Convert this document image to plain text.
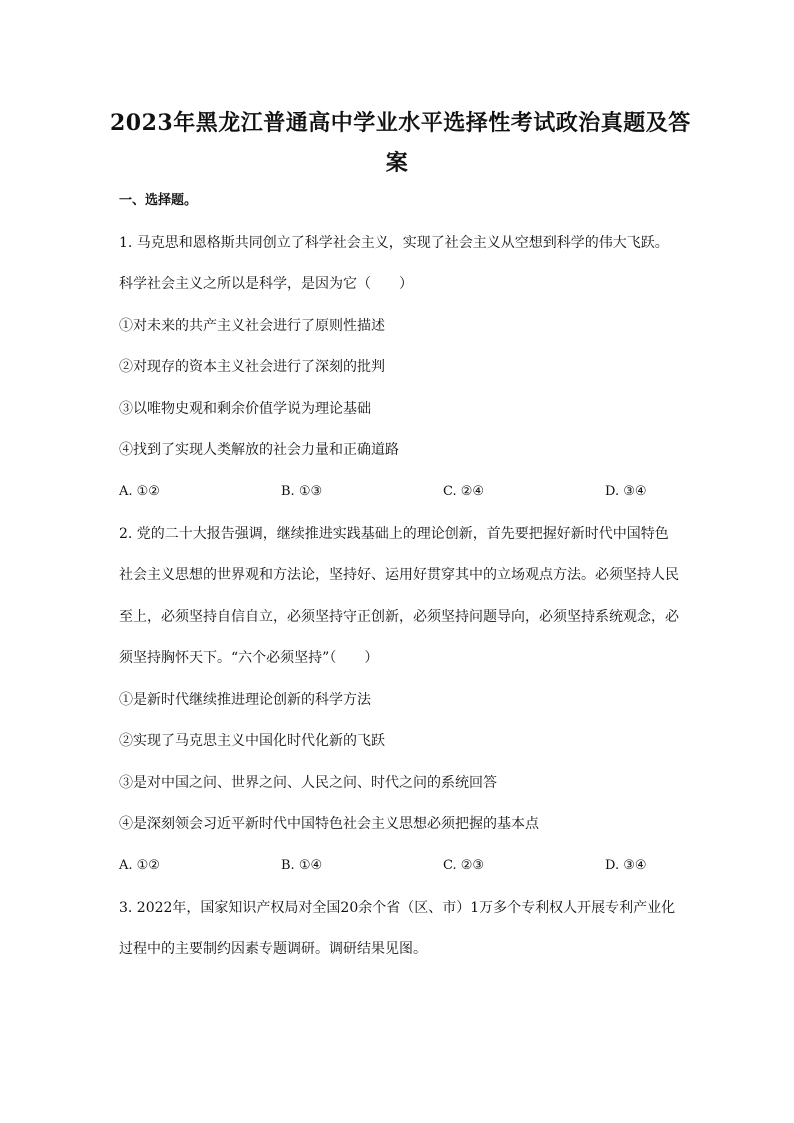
2023年黑龙江普通高中学业水平选择性考试政治真题及答
案
一、选择题。
1. 马克思和恩格斯共同创立了科学社会主义，实现了社会主义从空想到科学的伟大飞跃。
科学社会主义之所以是科学，是因为它（　　）
①对未来的共产主义社会进行了原则性描述
②对现存的资本主义社会进行了深刻的批判
③以唯物史观和剩余价值学说为理论基础
④找到了实现人类解放的社会力量和正确道路
A. ①②	B. ①③	C. ②④	D. ③④
2. 党的二十大报告强调，继续推进实践基础上的理论创新，首先要把握好新时代中国特色
社会主义思想的世界观和方法论，坚持好、运用好贯穿其中的立场观点方法。必须坚持人民
至上，必须坚持自信自立，必须坚持守正创新，必须坚持问题导向，必须坚持系统观念，必
须坚持胸怀天下。“六个必须坚持”（　　）
①是新时代继续推进理论创新的科学方法
②实现了马克思主义中国化时代化新的飞跃
③是对中国之问、世界之问、人民之问、时代之问的系统回答
④是深刻领会习近平新时代中国特色社会主义思想必须把握的基本点
A. ①②	B. ①④	C. ②③	D. ③④
3. 2022年，国家知识产权局对全国20余个省（区、市）1万多个专利权人开展专利产业化
过程中的主要制约因素专题调研。调研结果见图。
